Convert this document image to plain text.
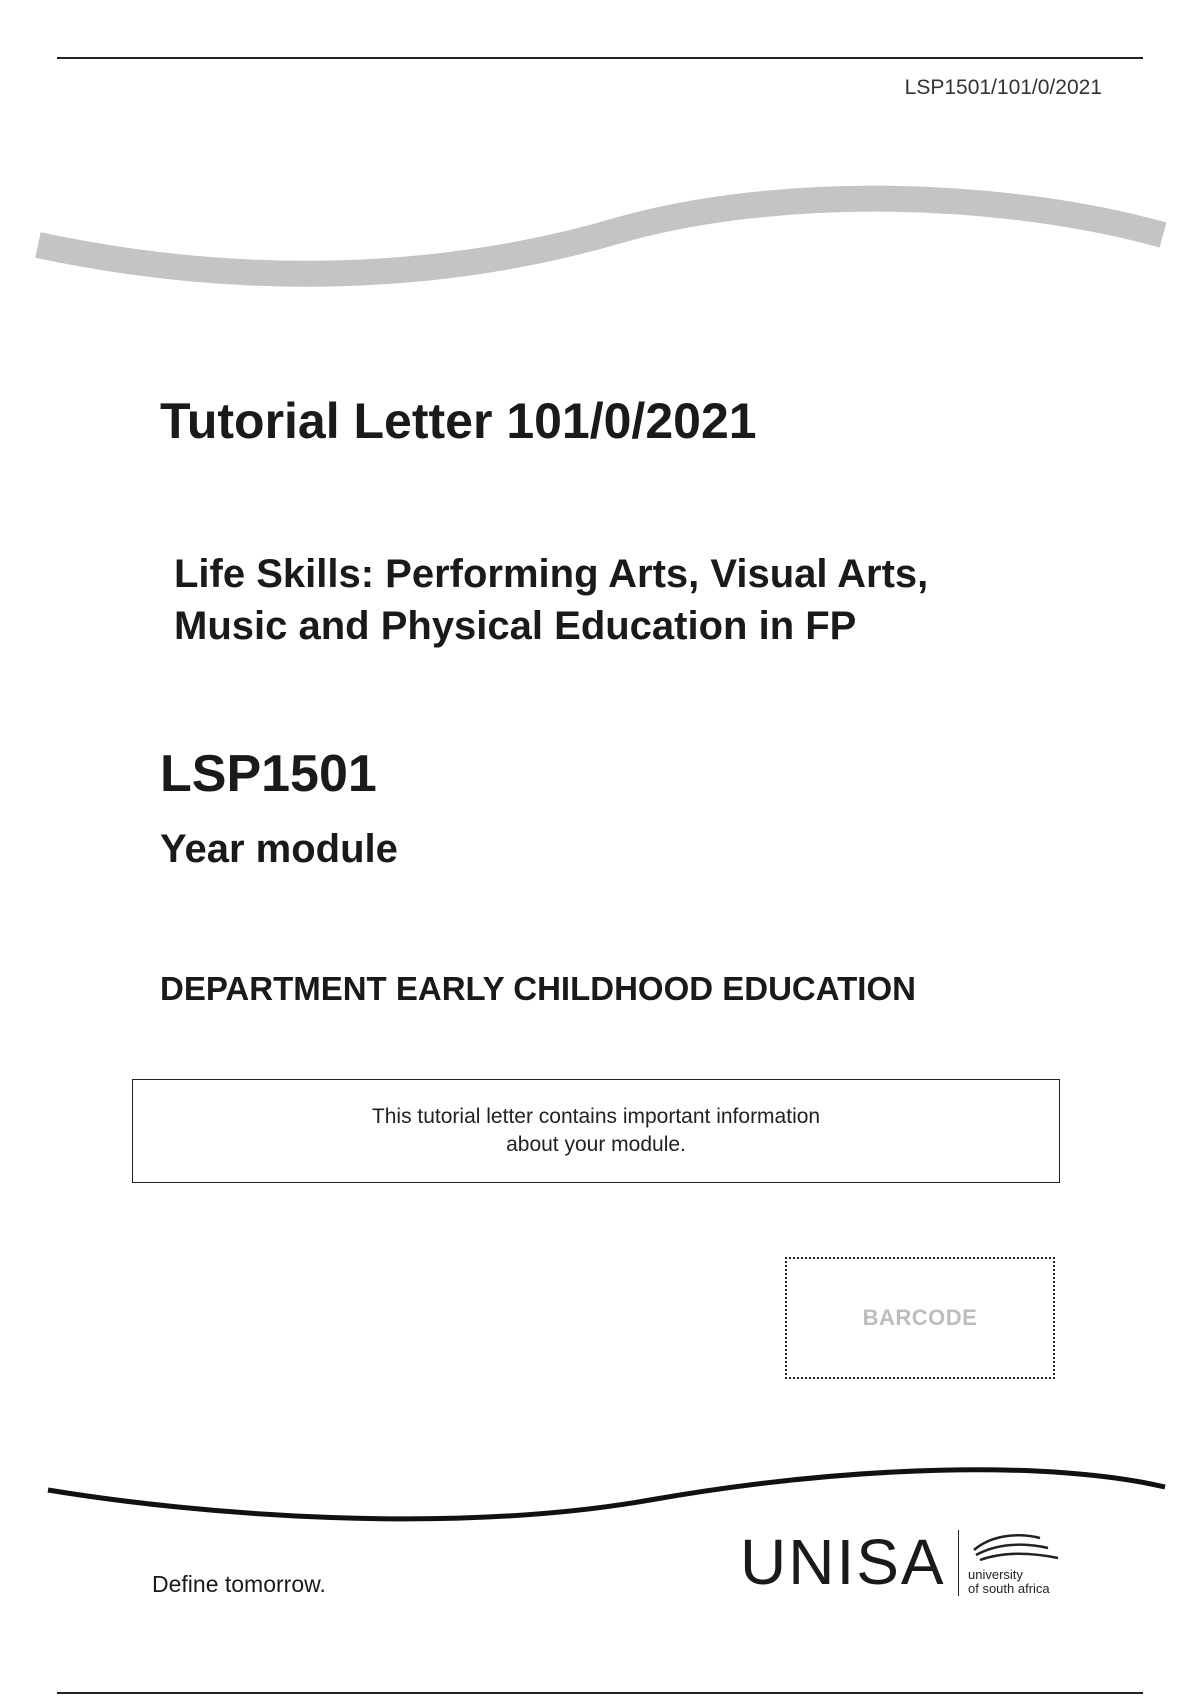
LSP1501/101/0/2021
Tutorial Letter 101/0/2021
Life Skills: Performing Arts, Visual Arts,
Music and Physical Education in FP
LSP1501
Year module
DEPARTMENT EARLY CHILDHOOD EDUCATION
This tutorial letter contains important information
about your module.
BARCODE
Define tomorrow.	UNISA university
of south africa
